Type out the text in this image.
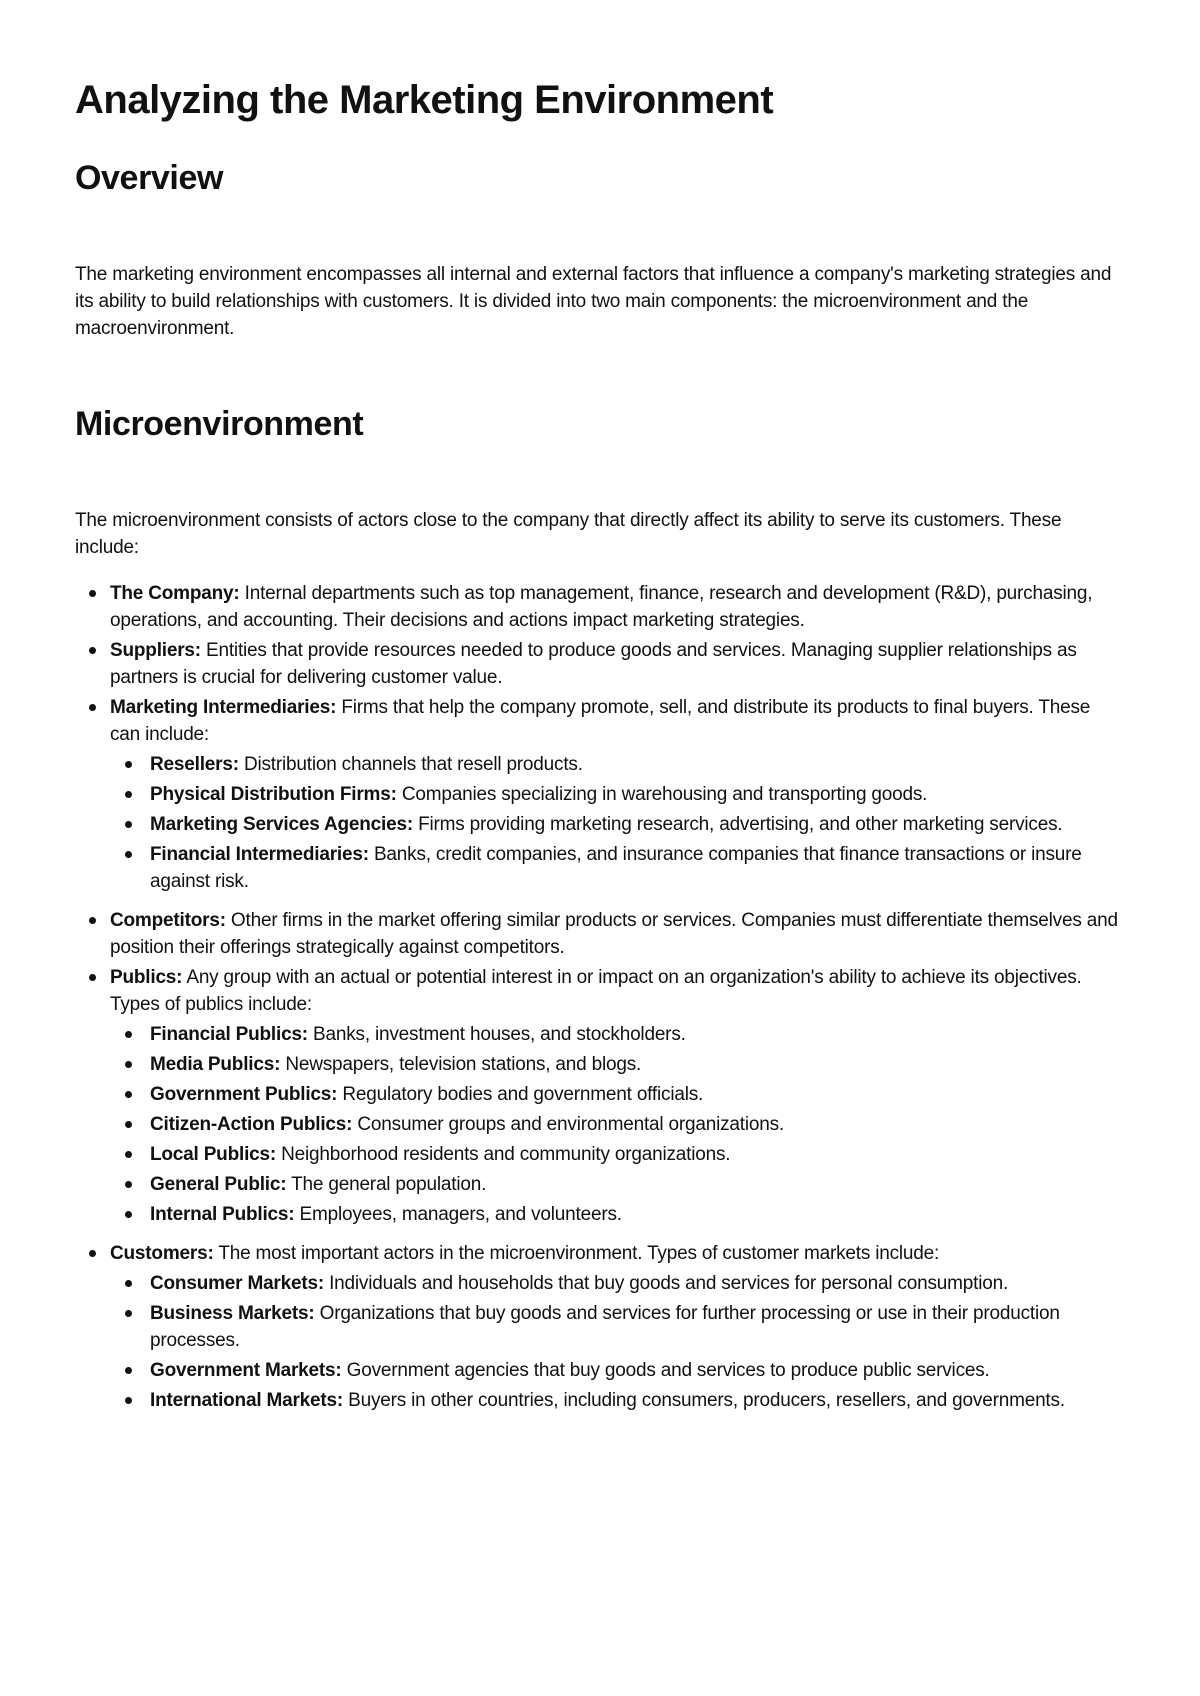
Analyzing the Marketing Environment
Overview

The marketing environment encompasses all internal and external factors that influence a company's marketing strategies and its ability to build relationships with customers. It is divided into two main components: the microenvironment and the macroenvironment.

Microenvironment

The microenvironment consists of actors close to the company that directly affect its ability to serve its customers. These include:

The Company: Internal departments such as top management, finance, research and development (R&D), purchasing, operations, and accounting. Their decisions and actions impact marketing strategies.
Suppliers: Entities that provide resources needed to produce goods and services. Managing supplier relationships as partners is crucial for delivering customer value.
Marketing Intermediaries: Firms that help the company promote, sell, and distribute its products to final buyers. These can include:
Resellers: Distribution channels that resell products.
Physical Distribution Firms: Companies specializing in warehousing and transporting goods.
Marketing Services Agencies: Firms providing marketing research, advertising, and other marketing services.
Financial Intermediaries: Banks, credit companies, and insurance companies that finance transactions or insure against risk.
Competitors: Other firms in the market offering similar products or services. Companies must differentiate themselves and position their offerings strategically against competitors.
Publics: Any group with an actual or potential interest in or impact on an organization's ability to achieve its objectives. Types of publics include:
Financial Publics: Banks, investment houses, and stockholders.
Media Publics: Newspapers, television stations, and blogs.
Government Publics: Regulatory bodies and government officials.
Citizen-Action Publics: Consumer groups and environmental organizations.
Local Publics: Neighborhood residents and community organizations.
General Public: The general population.
Internal Publics: Employees, managers, and volunteers.
Customers: The most important actors in the microenvironment. Types of customer markets include:
Consumer Markets: Individuals and households that buy goods and services for personal consumption.
Business Markets: Organizations that buy goods and services for further processing or use in their production processes.
Government Markets: Government agencies that buy goods and services to produce public services.
International Markets: Buyers in other countries, including consumers, producers, resellers, and governments.
